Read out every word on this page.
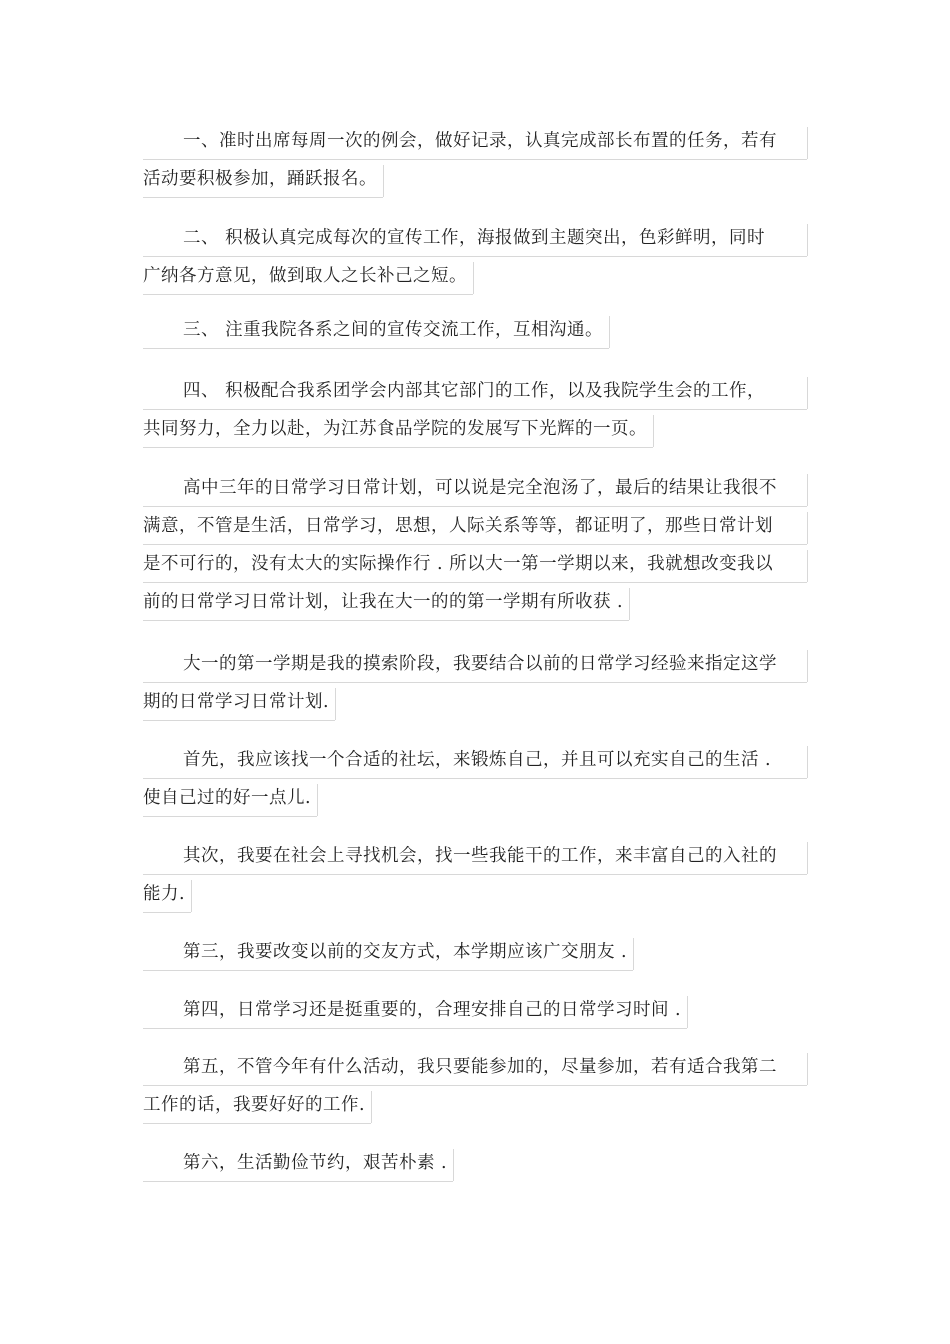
一、准时出席每周一次的例会，做好记录，认真完成部长布置的任务，若有
活动要积极参加，踊跃报名。
二、 积极认真完成每次的宣传工作，海报做到主题突出，色彩鲜明，同时
广纳各方意见，做到取人之长补己之短。
三、 注重我院各系之间的宣传交流工作，互相沟通。
四、 积极配合我系团学会内部其它部门的工作，以及我院学生会的工作，
共同努力，全力以赴，为江苏食品学院的发展写下光辉的一页。
高中三年的日常学习日常计划，可以说是完全泡汤了，最后的结果让我很不
满意，不管是生活，日常学习，思想，人际关系等等，都证明了，那些日常计划
是不可行的，没有太大的实际操作行 . 所以大一第一学期以来，我就想改变我以
前的日常学习日常计划，让我在大一的的第一学期有所收获 .
大一的第一学期是我的摸索阶段，我要结合以前的日常学习经验来指定这学
期的日常学习日常计划.
首先，我应该找一个合适的社坛，来锻炼自己，并且可以充实自己的生活 .
使自己过的好一点儿.
其次，我要在社会上寻找机会，找一些我能干的工作，来丰富自己的入社的
能力.
第三，我要改变以前的交友方式，本学期应该广交朋友 .
第四，日常学习还是挺重要的，合理安排自己的日常学习时间 .
第五，不管今年有什么活动，我只要能参加的，尽量参加，若有适合我第二
工作的话，我要好好的工作.
第六，生活勤俭节约，艰苦朴素 .
